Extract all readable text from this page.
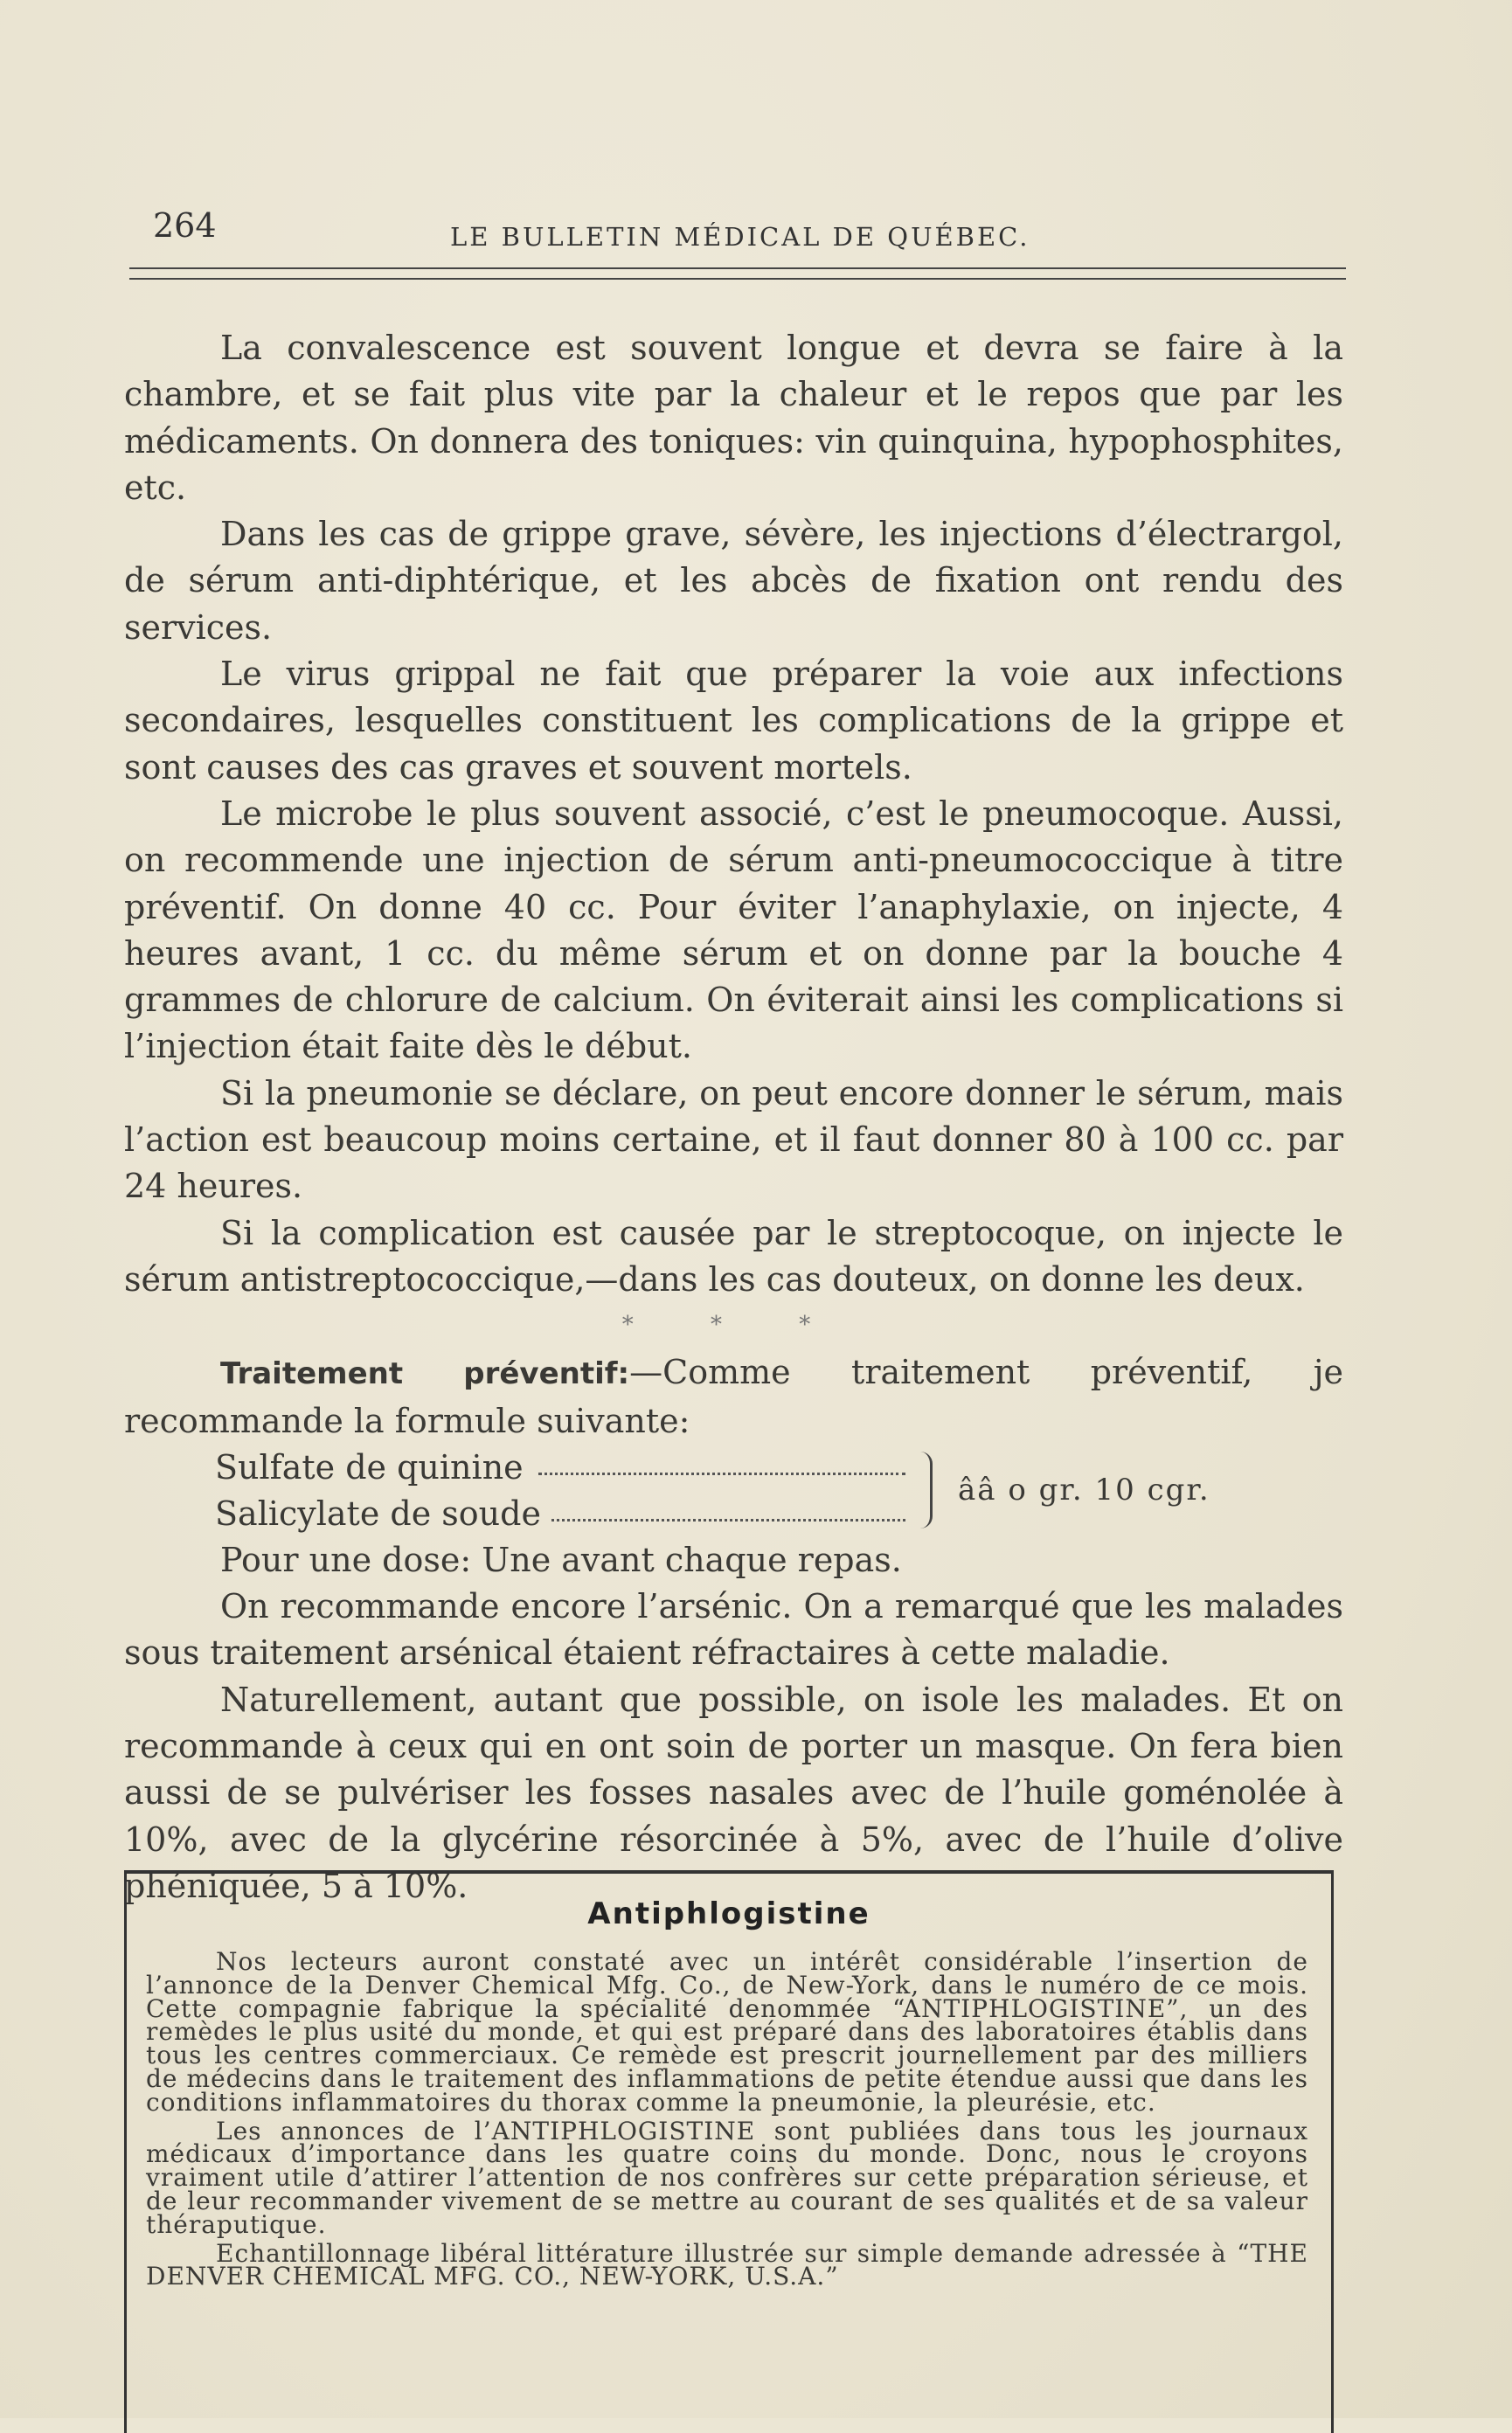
264	LE BULLETIN MÉDICAL DE QUÉBEC.

La convalescence est souvent longue et devra se faire à la chambre, et se fait plus vite par la chaleur et le repos que par les médicaments. On donnera des toniques: vin quinquina, hypophosphites, etc.

Dans les cas de grippe grave, sévère, les injections d’électrargol, de sérum anti-diphtérique, et les abcès de fixation ont rendu des services.

Le virus grippal ne fait que préparer la voie aux infections secondaires, lesquelles constituent les complications de la grippe et sont causes des cas graves et souvent mortels.

Le microbe le plus souvent associé, c’est le pneumocoque. Aussi, on recommende une injection de sérum anti-pneumococcique à titre préventif. On donne 40 cc. Pour éviter l’anaphylaxie, on injecte, 4 heures avant, 1 cc. du même sérum et on donne par la bouche 4 grammes de chlorure de calcium. On éviterait ainsi les complications si l’injection était faite dès le début.

Si la pneumonie se déclare, on peut encore donner le sérum, mais l’action est beaucoup moins certaine, et il faut donner 80 à 100 cc. par 24 heures.

Si la complication est causée par le streptocoque, on injecte le sérum antistreptococcique,—dans les cas douteux, on donne les deux.

* * *

Traitement préventif:—Comme traitement préventif, je recommande la formule suivante:

Sulfate de quinine
Salicylate de soude
ââ o gr. 10 cgr.

Pour une dose: Une avant chaque repas.

On recommande encore l’arsénic. On a remarqué que les malades sous traitement arsénical étaient réfractaires à cette maladie.

Naturellement, autant que possible, on isole les malades. Et on recommande à ceux qui en ont soin de porter un masque. On fera bien aussi de se pulvériser les fosses nasales avec de l’huile goménolée à 10%, avec de la glycérine résorcinée à 5%, avec de l’huile d’olive phéniquée, 5 à 10%.

Antiphlogistine

Nos lecteurs auront constaté avec un intérêt considérable l’insertion de l’annonce de la Denver Chemical Mfg. Co., de New-York, dans le numéro de ce mois. Cette compagnie fabrique la spécialité denommée “ANTIPHLOGISTINE”, un des remèdes le plus usité du monde, et qui est préparé dans des laboratoires établis dans tous les centres commerciaux. Ce remède est prescrit journellement par des milliers de médecins dans le traitement des inflammations de petite étendue aussi que dans les conditions inflammatoires du thorax comme la pneumonie, la pleurésie, etc.

Les annonces de l’ANTIPHLOGISTINE sont publiées dans tous les journaux médicaux d’importance dans les quatre coins du monde. Donc, nous le croyons vraiment utile d’attirer l’attention de nos confrères sur cette préparation sérieuse, et de leur recommander vivement de se mettre au courant de ses qualités et de sa valeur théraputique.

Echantillonnage libéral littérature illustrée sur simple demande adressée à “THE DENVER CHEMICAL MFG. CO., NEW-YORK, U.S.A.”
